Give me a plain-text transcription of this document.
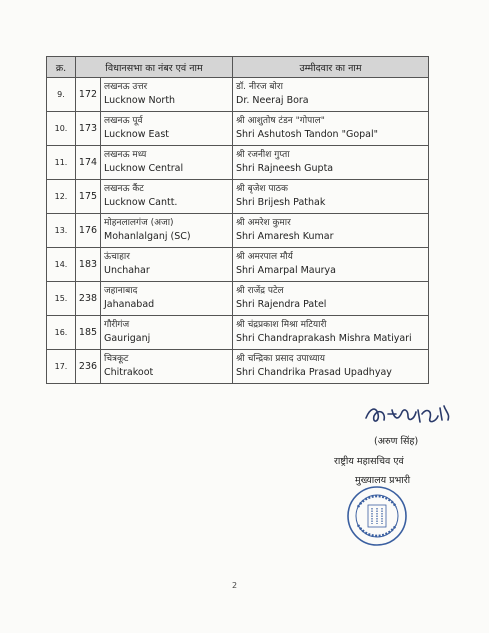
क्र.	विधानसभा का नंबर एवं नाम		उम्मीदवार का नाम
9.	172	लखनऊ उत्तर
Lucknow North	डॉ. नीरज बोरा
Dr. Neeraj Bora

10.	173	लखनऊ पूर्व
Lucknow East	श्री आशुतोष टंडन "गोपाल"
Shri Ashutosh Tandon "Gopal"

11.	174	लखनऊ मध्य
Lucknow Central	श्री रजनीश गुप्ता
Shri Rajneesh Gupta

12.	175	लखनऊ कैंट
Lucknow Cantt.	श्री बृजेश पाठक
Shri Brijesh Pathak

13.	176	मोहनलालगंज (अजा)
Mohanlalganj (SC)	श्री अमरेश कुमार
Shri Amaresh Kumar

14.	183	ऊंचाहार
Unchahar	श्री अमरपाल मौर्य
Shri Amarpal Maurya

15.	238	जहानाबाद
Jahanabad	श्री राजेंद्र पटेल
Shri Rajendra Patel

16.	185	गौरीगंज
Gauriganj	श्री चंद्रप्रकाश मिश्रा मटियारी
Shri Chandraprakash Mishra Matiyari

17.	236	चित्रकूट
Chitrakoot	श्री चन्द्रिका प्रसाद उपाध्याय
Shri Chandrika Prasad Upadhyay
(अरुण सिंह)
राष्ट्रीय महासचिव एवं
मुख्यालय प्रभारी
2
